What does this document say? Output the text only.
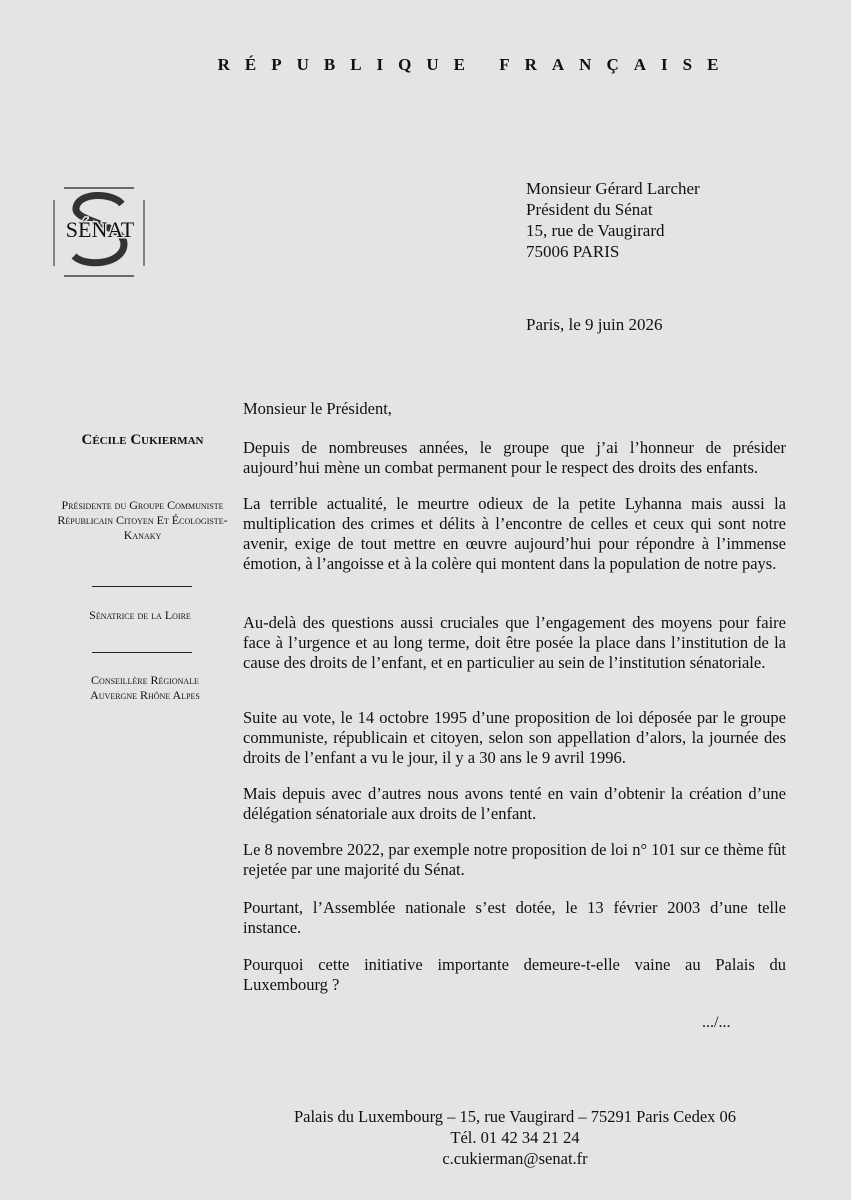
RÉPUBLIQUE FRANÇAISE
SÉNAT
Monsieur Gérard Larcher
Président du Sénat
15, rue de Vaugirard
75006 PARIS
Paris, le 9 juin 2026
Cécile Cukierman
Présidente du Groupe Communiste Républicain Citoyen Et Écologiste-Kanaky
Sénatrice de la Loire
Conseillère Régionale Auvergne Rhône Alpes
Monsieur le Président,

Depuis de nombreuses années, le groupe que j’ai l’honneur de présider aujourd’hui mène un combat permanent pour le respect des droits des enfants.

La terrible actualité, le meurtre odieux de la petite Lyhanna mais aussi la multiplication des crimes et délits à l’encontre de celles et ceux qui sont notre avenir, exige de tout mettre en œuvre aujourd’hui pour répondre à l’immense émotion, à l’angoisse et à la colère qui montent dans la population de notre pays.

Au-delà des questions aussi cruciales que l’engagement des moyens pour faire face à l’urgence et au long terme, doit être posée la place dans l’institution de la cause des droits de l’enfant, et en particulier au sein de l’institution sénatoriale.

Suite au vote, le 14 octobre 1995 d’une proposition de loi déposée par le groupe communiste, républicain et citoyen, selon son appellation d’alors, la journée des droits de l’enfant a vu le jour, il y a 30 ans le 9 avril 1996.

Mais depuis avec d’autres nous avons tenté en vain d’obtenir la création d’une délégation sénatoriale aux droits de l’enfant.

Le 8 novembre 2022, par exemple notre proposition de loi n° 101 sur ce thème fût rejetée par une majorité du Sénat.

Pourtant, l’Assemblée nationale s’est dotée, le 13 février 2003 d’une telle instance.

Pourquoi cette initiative importante demeure-t-elle vaine au Palais du Luxembourg ?

.../...
Palais du Luxembourg – 15, rue Vaugirard – 75291 Paris Cedex 06
Tél. 01 42 34 21 24
c.cukierman@senat.fr
